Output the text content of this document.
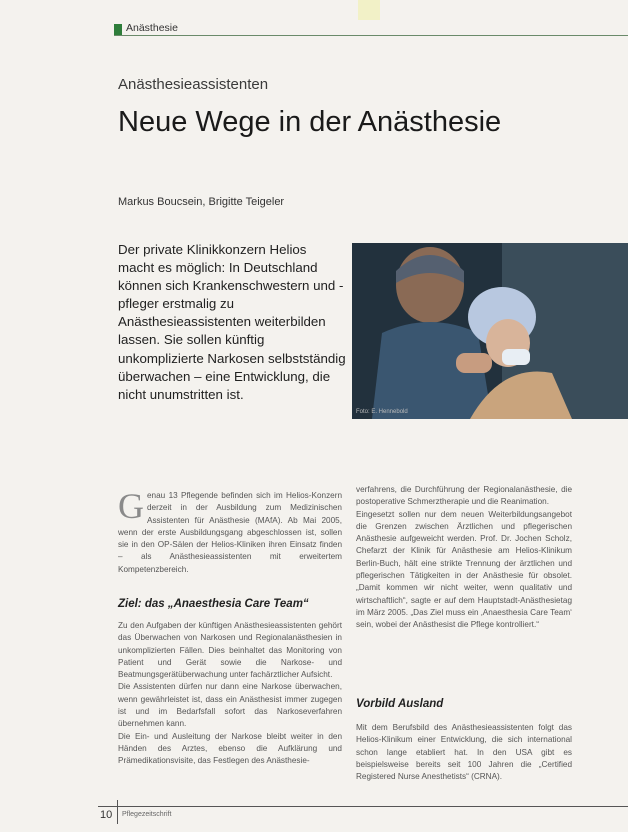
Anästhesie
Anästhesieassistenten
Neue Wege in der Anästhesie
Markus Boucsein, Brigitte Teigeler

Der private Klinikkonzern Helios macht es möglich: In Deutschland können sich Krankenschwestern und -pfleger erstmalig zu Anästhesieassistenten weiterbilden lassen. Sie sollen künftig unkomplizierte Narkosen selbstständig überwachen – eine Entwicklung, die nicht unumstritten ist.

Foto: E. Hennebold

Genau 13 Pflegende befinden sich im Helios-Konzern derzeit in der Ausbildung zum Medizinischen Assistenten für Anästhesie (MAfA). Ab Mai 2005, wenn der erste Ausbildungsgang abgeschlossen ist, sollen sie in den OP-Sälen der Helios-Kliniken ihren Einsatz finden – als Anästhesieassistenten mit erweitertem Kompetenzbereich.

Ziel: das „Anaesthesia Care Team“

Zu den Aufgaben der künftigen Anästhesieassistenten gehört das Überwachen von Narkosen und Regionalanästhesien in unkomplizierten Fällen. Dies beinhaltet das Monitoring von Patient und Gerät sowie die Narkose- und Beatmungsgerätüberwachung unter fachärztlicher Aufsicht.

Die Assistenten dürfen nur dann eine Narkose überwachen, wenn gewährleistet ist, dass ein Anästhesist immer zugegen ist und im Bedarfsfall sofort das Narkoseverfahren übernehmen kann.

Die Ein- und Ausleitung der Narkose bleibt weiter in den Händen des Arztes, ebenso die Aufklärung und Prämedikationsvisite, das Festlegen des Anästhesie-

verfahrens, die Durchführung der Regionalanästhesie, die postoperative Schmerztherapie und die Reanimation.

Eingesetzt sollen nur dem neuen Weiterbildungsangebot die Grenzen zwischen Ärztlichen und pflegerischen Anästhesie aufgeweicht werden. Prof. Dr. Jochen Scholz, Chefarzt der Klinik für Anästhesie am Helios-Klinikum Berlin-Buch, hält eine strikte Trennung der ärztlichen und pflegerischen Tätigkeiten in der Anästhesie für obsolet. „Damit kommen wir nicht weiter, wenn qualitativ und wirtschaftlich“, sagte er auf dem Hauptstadt-Anästhesietag im März 2005. „Das Ziel muss ein ‚Anaesthesia Care Team‘ sein, wobei der Anästhesist die Pflege kontrolliert.“

Vorbild Ausland

Mit dem Berufsbild des Anästhesieassistenten folgt das Helios-Klinikum einer Entwicklung, die sich international schon lange etabliert hat. In den USA gibt es beispielsweise bereits seit 100 Jahren die „Certified Registered Nurse Anesthetists“ (CRNA).

10 Pflegezeitschrift
